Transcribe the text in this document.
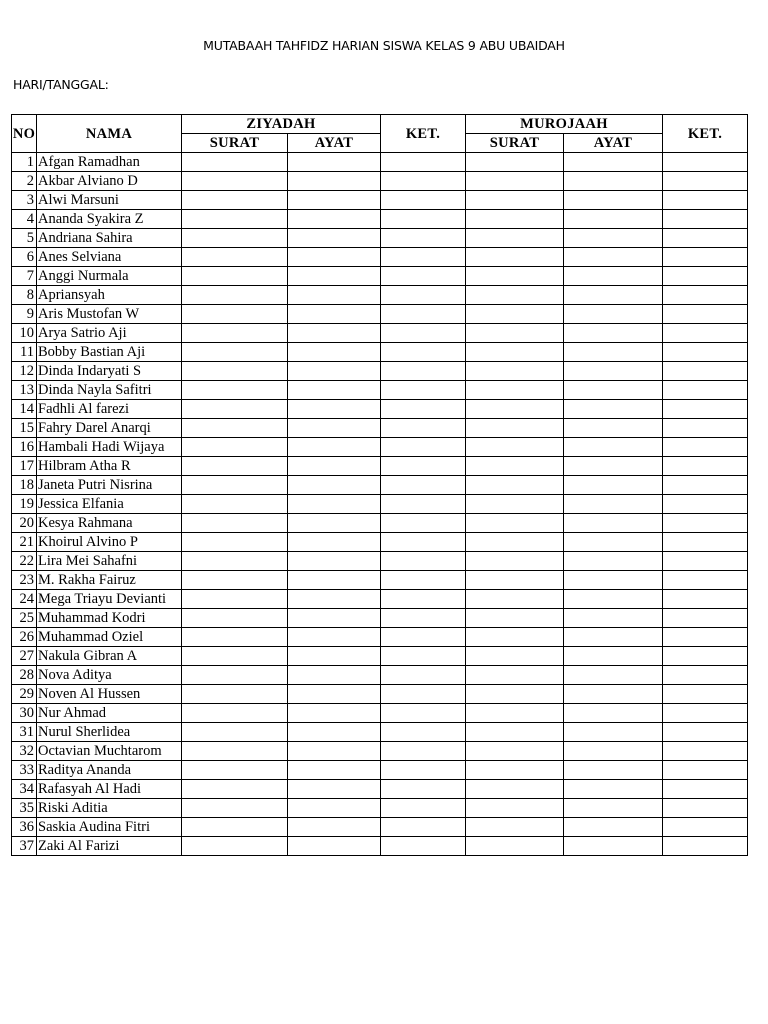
MUTABAAH TAHFIDZ HARIAN SISWA KELAS 9 ABU UBAIDAH
HARI/TANGGAL:
NO	NAMA	ZIYADAH		KET.	MUROJAAH		KET.
		SURAT	AYAT		SURAT	AYAT	
1	Afgan Ramadhan						
2	Akbar Alviano D						
3	Alwi Marsuni						
4	Ananda Syakira Z						
5	Andriana Sahira						
6	Anes Selviana						
7	Anggi Nurmala						
8	Apriansyah						
9	Aris Mustofan W						
10	Arya Satrio Aji						
11	Bobby Bastian Aji						
12	Dinda Indaryati S						
13	Dinda Nayla Safitri						
14	Fadhli Al farezi						
15	Fahry Darel Anarqi						
16	Hambali Hadi Wijaya						
17	Hilbram Atha R						
18	Janeta Putri Nisrina						
19	Jessica Elfania						
20	Kesya Rahmana						
21	Khoirul Alvino P						
22	Lira Mei Sahafni						
23	M. Rakha Fairuz						
24	Mega Triayu Devianti						
25	Muhammad Kodri						
26	Muhammad Oziel						
27	Nakula Gibran A						
28	Nova Aditya						
29	Noven Al Hussen						
30	Nur Ahmad						
31	Nurul Sherlidea						
32	Octavian Muchtarom						
33	Raditya Ananda						
34	Rafasyah Al Hadi						
35	Riski Aditia						
36	Saskia Audina Fitri						
37	Zaki Al Farizi						
